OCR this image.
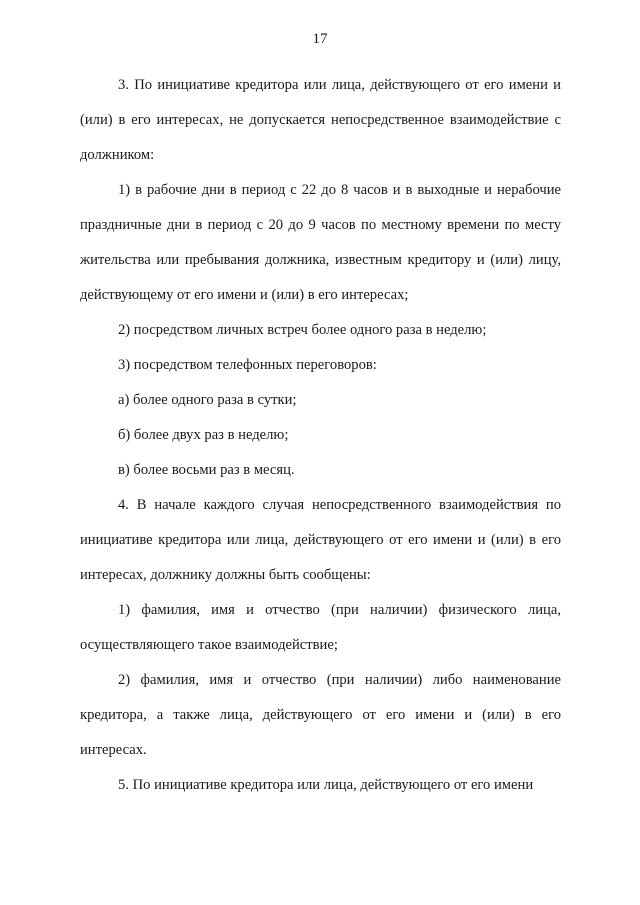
17

3. По инициативе кредитора или лица, действующего от его имени и (или) в его интересах, не допускается непосредственное взаимодействие с должником:

1) в рабочие дни в период с 22 до 8 часов и в выходные и нерабочие праздничные дни в период с 20 до 9 часов по местному времени по месту жительства или пребывания должника, известным кредитору и (или) лицу, действующему от его имени и (или) в его интересах;

2) посредством личных встреч более одного раза в неделю;

3) посредством телефонных переговоров:

а) более одного раза в сутки;

б) более двух раз в неделю;

в) более восьми раз в месяц.

4. В начале каждого случая непосредственного взаимодействия по инициативе кредитора или лица, действующего от его имени и (или) в его интересах, должнику должны быть сообщены:

1) фамилия, имя и отчество (при наличии) физического лица, осуществляющего такое взаимодействие;

2) фамилия, имя и отчество (при наличии) либо наименование кредитора, а также лица, действующего от его имени и (или) в его интересах.

5. По инициативе кредитора или лица, действующего от его имени
